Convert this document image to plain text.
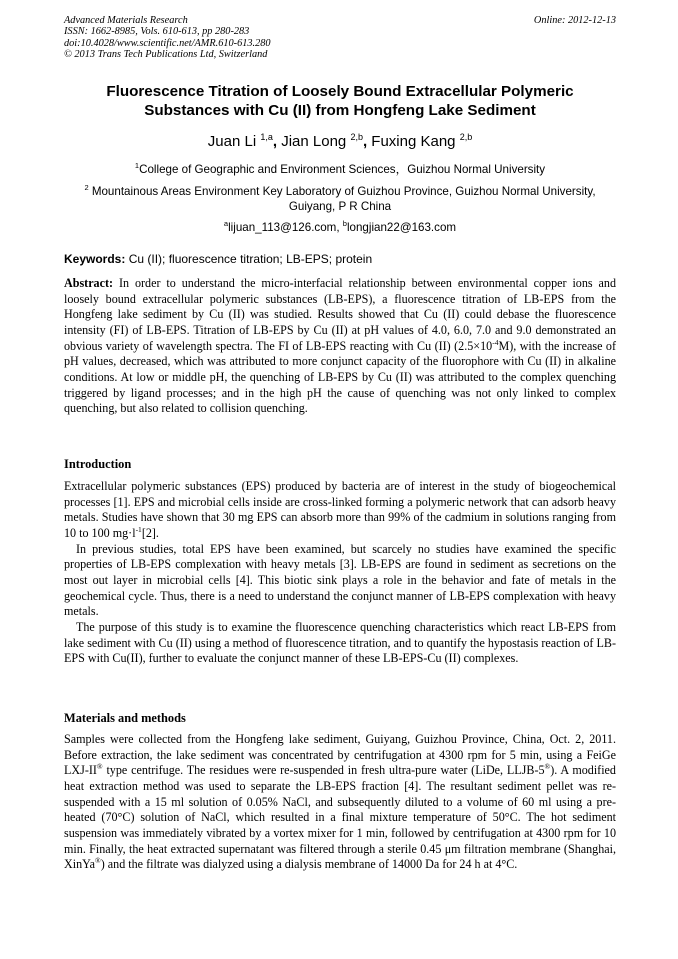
Advanced Materials Research
ISSN: 1662-8985, Vols. 610-613, pp 280-283
doi:10.4028/www.scientific.net/AMR.610-613.280
© 2013 Trans Tech Publications Ltd, Switzerland
Online: 2012-12-13
Fluorescence Titration of Loosely Bound Extracellular Polymeric
Substances with Cu (II) from Hongfeng Lake Sediment
Juan Li $^{1,a}$, Jian Long $^{2,b}$, Fuxing Kang $^{2,b}$
$^1$College of Geographic and Environment Sciences，Guizhou Normal University
$^2$ Mountainous Areas Environment Key Laboratory of Guizhou Province, Guizhou Normal University,
Guiyang, P R China
$^a$lijuan_113@126.com, $^b$longjian22@163.com
Keywords: Cu (II); fluorescence titration; LB-EPS; protein
Abstract: In order to understand the micro-interfacial relationship between environmental copper ions and loosely bound extracellular polymeric substances (LB-EPS), a fluorescence titration of LB-EPS from the Hongfeng lake sediment by Cu (II) was studied. Results showed that Cu (II) could debase the fluorescence intensity (FI) of LB-EPS. Titration of LB-EPS by Cu (II) at pH values of 4.0, 6.0, 7.0 and 9.0 demonstrated an obvious variety of wavelength spectra. The FI of LB-EPS reacting with Cu (II) $(2.5\times 10^{-4}M)$, with the increase of pH values, decreased, which was attributed to more conjunct capacity of the fluorophore with Cu (II) in alkaline conditions. At low or middle pH, the quenching of LB-EPS by Cu (II) was attributed to the complex quenching triggered by ligand processes; and in the high pH the cause of quenching was not only linked to complex quenching, but also related to collision quenching.
Introduction
Extracellular polymeric substances (EPS) produced by bacteria are of interest in the study of biogeochemical processes [1]. EPS and microbial cells inside are cross-linked forming a polymeric network that can adsorb heavy metals. Studies have shown that 30 mg EPS can absorb more than 99% of the cadmium in solutions ranging from 10 to 100 $mg\cdot l^{-1}[2]$.
In previous studies, total EPS have been examined, but scarcely no studies have examined the specific properties of LB-EPS complexation with heavy metals [3]. LB-EPS are found in sediment as secretions on the most out layer in microbial cells [4]. This biotic sink plays a role in the behavior and fate of metals in the geochemical cycle. Thus, there is a need to understand the conjunct manner of LB-EPS complexation with heavy metals.
The purpose of this study is to examine the fluorescence quenching characteristics which react LB-EPS from lake sediment with Cu (II) using a method of fluorescence titration, and to quantify the hypostasis reaction of LB-EPS with Cu(II), further to evaluate the conjunct manner of these LB-EPS-Cu (II) complexes.
Materials and methods
Samples were collected from the Hongfeng lake sediment, Guiyang, Guizhou Province, China, Oct. 2, 2011. Before extraction, the lake sediment was concentrated by centrifugation at 4300 rpm for 5 min, using a FeiGe LXJ-II® type centrifuge. The residues were re-suspended in fresh ultra-pure water (LiDe, LLJB-5®). A modified heat extraction method was used to separate the LB-EPS fraction [4]. The resultant sediment pellet was re-suspended with a 15 ml solution of 0.05% NaCl, and subsequently diluted to a volume of 60 ml using a pre-heated (70°C) solution of NaCl, which resulted in a final mixture temperature of 50°C. The hot sediment suspension was immediately vibrated by a vortex mixer for 1 min, followed by centrifugation at 4300 rpm for 10 min. Finally, the heat extracted supernatant was filtered through a sterile 0.45 μm filtration membrane (Shanghai, XinYa®) and the filtrate was dialyzed using a dialysis membrane of 14000 Da for 24 h at 4°C.
